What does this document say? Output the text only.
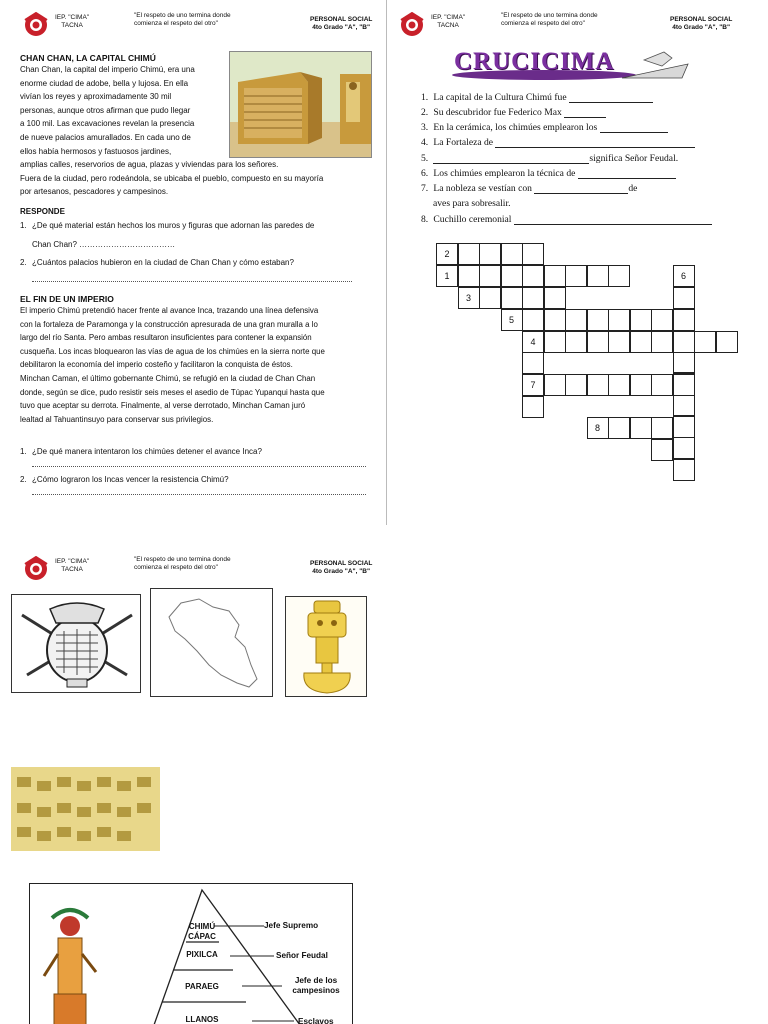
IEP. "CIMA"
TACNA
"El respeto de uno termina donde
comienza el respeto del otro"
PERSONAL SOCIAL
4to Grado "A", "B"
IEP. "CIMA"
TACNA
"El respeto de uno termina donde
comienza el respeto del otro"
PERSONAL SOCIAL
4to Grado "A", "B"
CHAN CHAN, LA CAPITAL CHIMÚ
Chan Chan, la capital del imperio Chimú, era una
enorme ciudad de adobe, bella y lujosa. En ella
vivían los reyes y aproximadamente 30 mil
personas, aunque otros afirman que pudo llegar
a 100 mil. Las excavaciones revelan la presencia
de nueve palacios amurallados. En cada uno de
ellos había hermosos y fastuosos jardines,
amplias calles, reservorios de agua, plazas y viviendas para los señores.
Fuera de la ciudad, pero rodeándola, se ubicaba el pueblo, compuesto en su mayoría
por artesanos, pescadores y campesinos.
RESPONDE
1. ¿De qué material están hechos los muros y figuras que adornan las paredes de
Chan Chan? ………………………………
2. ¿Cuántos palacios hubieron en la ciudad de Chan Chan y cómo estaban?
EL FIN DE UN IMPERIO
El imperio Chimú pretendió hacer frente al avance Inca, trazando una línea defensiva
con la fortaleza de Paramonga y la construcción apresurada de una gran muralla a lo
largo del río Santa. Pero ambas resultaron insuficientes para contener la expansión
cusqueña. Los incas bloquearon las vías de agua de los chimúes en la sierra norte que
debilitaron la economía del imperio costeño y facilitaron la conquista de éstos.
Minchan Caman, el último gobernante Chimú, se refugió en la ciudad de Chan Chan
donde, según se dice, pudo resistir seis meses el asedio de Túpac Yupanqui hasta que
tuvo que aceptar su derrota. Finalmente, al verse derrotado, Minchan Caman juró
lealtad al Tahuantinsuyo para conservar sus privilegios.
1. ¿De qué manera intentaron los chimúes detener el avance Inca?
2. ¿Cómo lograron los Incas vencer la resistencia Chimú?
CRUCICIMA
1. La capital de la Cultura Chimú fue
2. Su descubridor fue Federico Max
3. En la cerámica, los chimúes emplearon los
4. La Fortaleza de
5.	significa Señor Feudal.
6. Los chimúes emplearon la técnica de
7. La nobleza se vestían con	de
aves para sobresalir.
8. Cuchillo ceremonial
2
1	6
3
5
4
7
8
IEP. "CIMA"
TACNA
"El respeto de uno termina donde
comienza el respeto del otro"
PERSONAL SOCIAL
4to Grado "A", "B"
CHIMÚ CÁPAC
PIXILCA
PARAEG
LLANOS
Jefe Supremo
Señor Feudal
Jefe de los campesinos
Esclavos
